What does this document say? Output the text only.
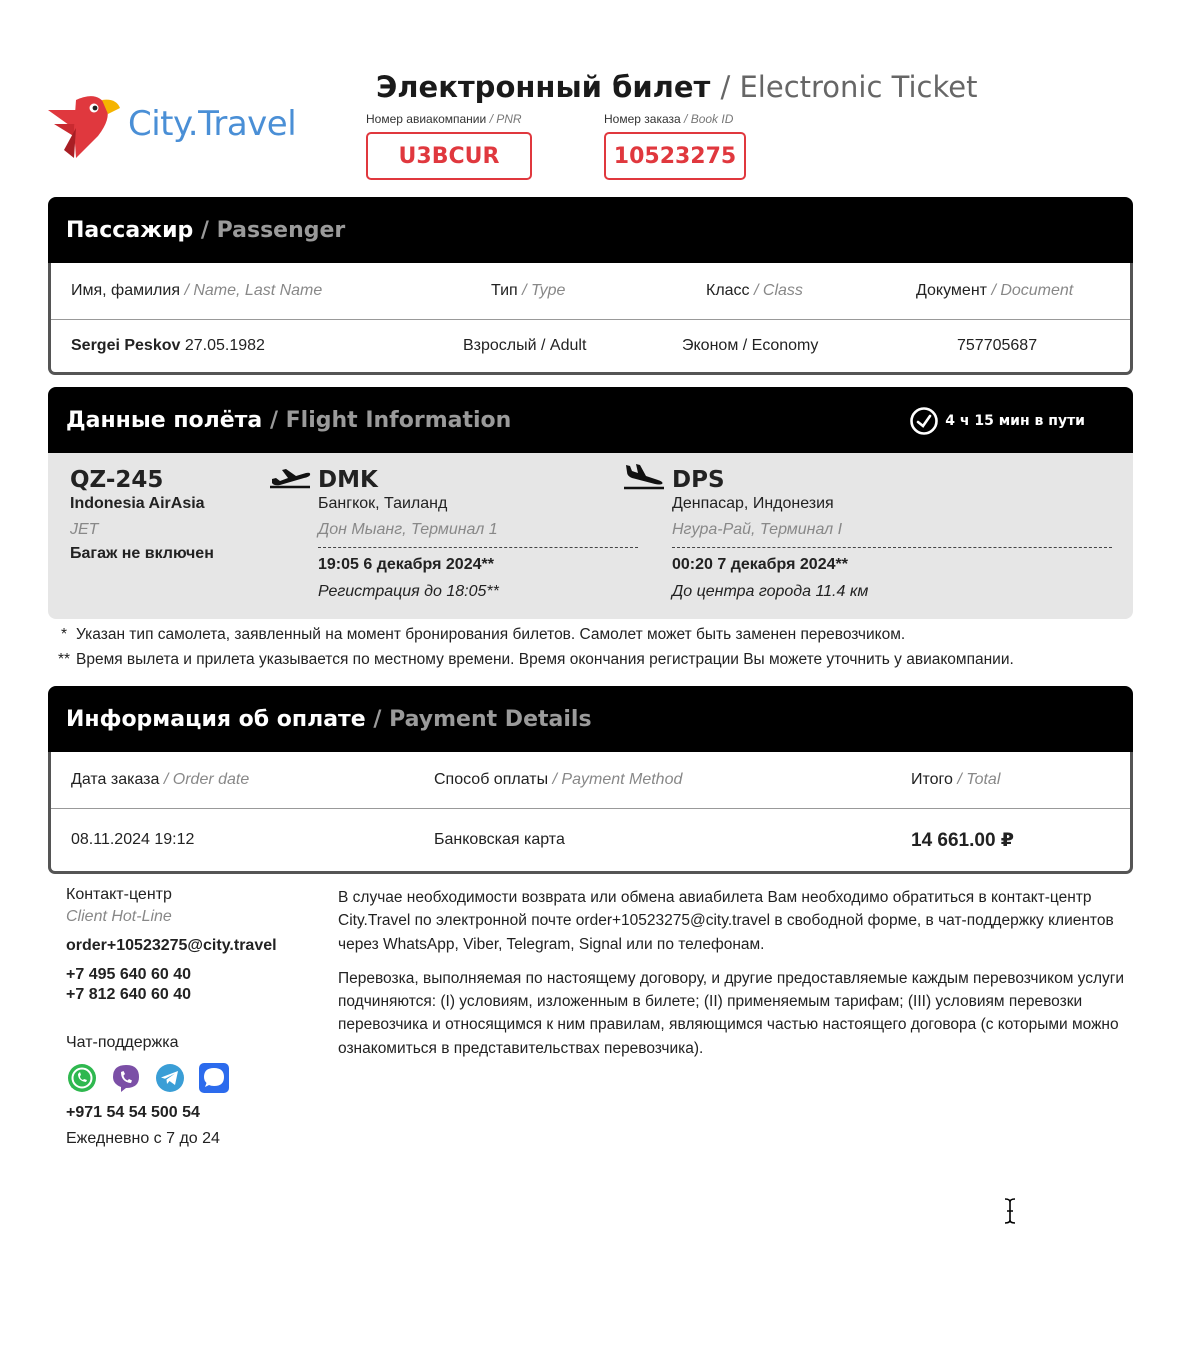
City.Travel
Электронный билет / Electronic Ticket
Номер авиакомпании / PNR
U3BCUR
Номер заказа / Book ID
10523275
Пассажир
/ Passenger
Имя, фамилия / Name, Last Name	Тип / Type	Класс / Class	Документ / Document
Sergei Peskov 27.05.1982	Взрослый / Adult	Эконом / Economy	757705687
Данные полёта
/ Flight Information	4 ч 15 мин в пути
QZ-245
Indonesia AirAsia
JET
Багаж не включен
DMK
Бангкок, Таиланд
Дон Мыанг, Терминал 1
19:05 6 декабря 2024**
Регистрация до 18:05**
DPS
Денпасар, Индонезия
Нгура-Рай, Терминал I
00:20 7 декабря 2024**
До центра города 11.4 км
* Указан тип самолета, заявленный на момент бронирования билетов. Самолет может быть заменен перевозчиком.
** Время вылета и прилета указывается по местному времени. Время окончания регистрации Вы можете уточнить у авиакомпании.
Информация об оплате
/ Payment Details
Дата заказа / Order date	Способ оплаты / Payment Method	Итого / Total
08.11.2024 19:12	Банковская карта	14 661.00 ₽
Контакт-центр
Client Hot-Line
order+10523275@city.travel
+7 495 640 60 40
+7 812 640 60 40
Чат-поддержка
+971 54 54 500 54
Ежедневно с 7 до 24

В случае необходимости возврата или обмена авиабилета Вам необходимо обратиться в контакт-центр City.Travel по электронной почте order+10523275@city.travel в свободной форме, в чат-поддержку клиентов через WhatsApp, Viber, Telegram, Signal или по телефонам.

Перевозка, выполняемая по настоящему договору, и другие предоставляемые каждым перевозчиком услуги подчиняются: (I) условиям, изложенным в билете; (II) применяемым тарифам; (III) условиям перевозки перевозчика и относящимся к ним правилам, являющимся частью настоящего договора (с которыми можно ознакомиться в представительствах перевозчика).
